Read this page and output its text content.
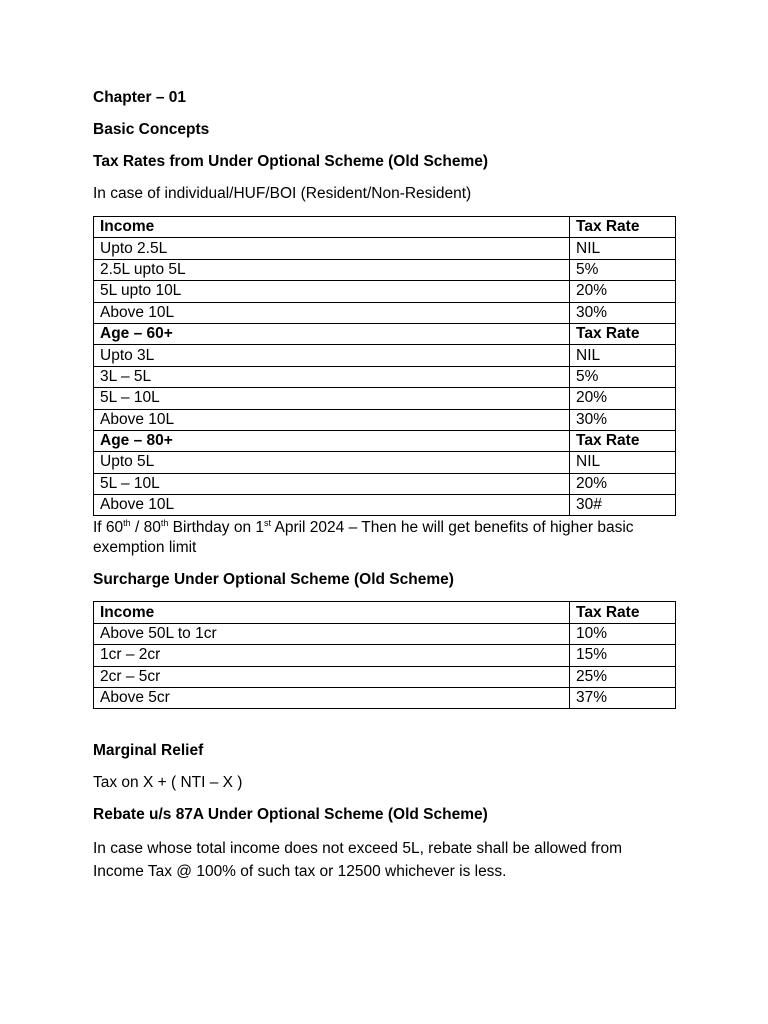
Chapter – 01

Basic Concepts

Tax Rates from Under Optional Scheme (Old Scheme)

In case of individual/HUF/BOI (Resident/Non-Resident)

Income	Tax Rate
Upto 2.5L	NIL
2.5L upto 5L	5%
5L upto 10L	20%
Above 10L	30%
Age – 60+	Tax Rate
Upto 3L	NIL
3L – 5L	5%
5L – 10L	20%
Above 10L	30%
Age – 80+	Tax Rate
Upto 5L	NIL
5L – 10L	20%
Above 10L	30#

If 60th / 80th Birthday on 1st April 2024 – Then he will get benefits of higher basic exemption limit

Surcharge Under Optional Scheme (Old Scheme)

Income	Tax Rate
Above 50L to 1cr	10%
1cr – 2cr	15%
2cr – 5cr	25%
Above 5cr	37%

Marginal Relief

Tax on X + ( NTI – X )

Rebate u/s 87A Under Optional Scheme (Old Scheme)

In case whose total income does not exceed 5L, rebate shall be allowed from Income Tax @ 100% of such tax or 12500 whichever is less.
